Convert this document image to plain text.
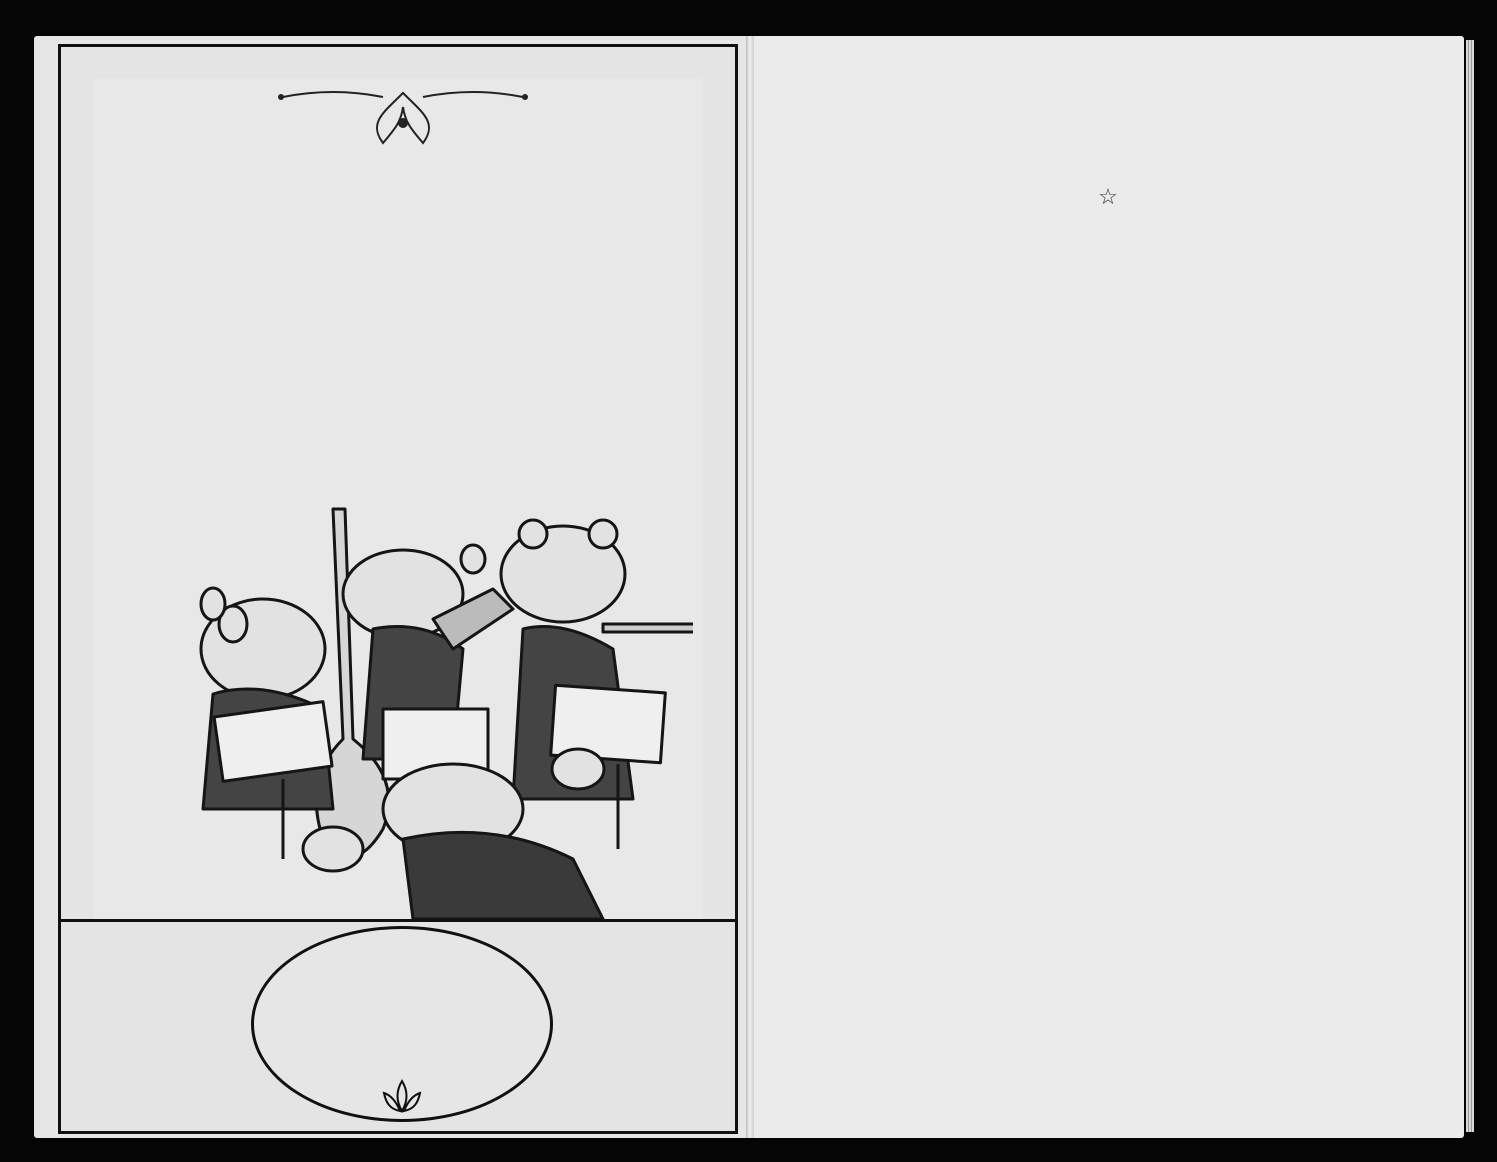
☆
